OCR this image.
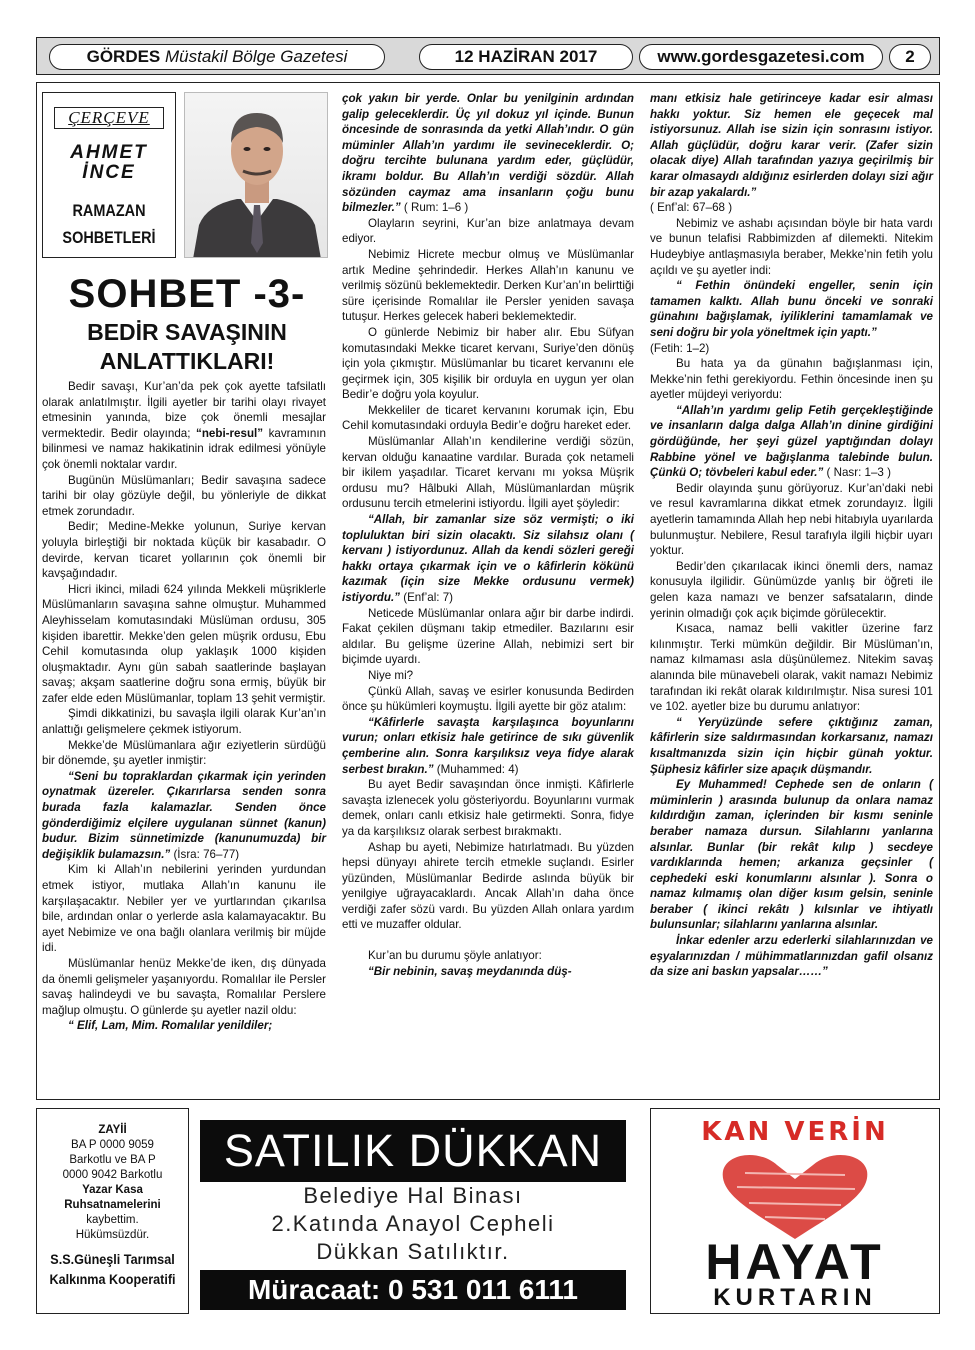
GÖRDES
Müstakil Bölge Gazetesi	12 HAZİRAN 2017	www.gordesgazetesi.com 2
ÇERÇEVE
AHMET
İNCE
RAMAZAN
SOHBETLERİ
SOHBET -3-
BEDİR SAVAŞININ ANLATTIKLARI!

Bedir savaşı, Kur’an’da pek çok ayette tafsilatlı olarak anlatılmıştır. İlgili ayetler bir tarihi olayı rivayet etmesinin yanında, bize çok önemli mesajlar vermektedir. Bedir olayında; “nebi-resul” kavramının bilinmesi ve namaz hakikatinin idrak edilmesi yönüyle çok önemli noktalar vardır.

Bugünün Müslümanları; Bedir savaşına sadece tarihi bir olay gözüyle değil, bu yönleriyle de dikkat etmek zorundadır.

Bedir; Medine-Mekke yolunun, Suriye kervan yoluyla birleştiği bir noktada küçük bir kasabadır. O devirde, kervan ticaret yollarının çok önemli bir kavşağındadır.

Hicri ikinci, miladi 624 yılında Mekkeli müşriklerle Müslümanların savaşına sahne olmuştur. Muhammed Aleyhisselam komutasındaki Müslüman ordusu, 305 kişiden ibarettir. Mekke’den gelen müşrik ordusu, Ebu Cehil komutasında olup yaklaşık 1000 kişiden oluşmaktadır. Aynı gün sabah saatlerinde başlayan savaş; akşam saatlerine doğru sona ermiş, büyük bir zafer elde eden Müslümanlar, toplam 13 şehit vermiştir.

Şimdi dikkatinizi, bu savaşla ilgili olarak Kur’an’ın anlattığı gelişmelere çekmek istiyorum.

Mekke’de Müslümanlara ağır eziyetlerin sürdüğü bir dönemde, şu ayetler inmiştir:

“Seni bu topraklardan çıkarmak için yerinden oynatmak üzereler. Çıkarırlarsa senden sonra burada fazla kalamazlar. Senden önce gönderdiğimiz elçilere uygulanan sünnet (kanun) budur. Bizim sünnetimizde (kanunumuzda) bir değişiklik bulamazsın.” (İsra: 76–77)

Kim ki Allah’ın nebilerini yerinden yurdundan etmek istiyor, mutlaka Allah’ın kanunu ile karşılaşacaktır. Nebiler yer ve yurtlarından çıkarılsa bile, ardından onlar o yerlerde asla kalamayacaktır. Bu ayet Nebimize ve ona bağlı olanlara verilmiş bir müjde idi.

Müslümanlar henüz Mekke’de iken, dış dünyada da önemli gelişmeler yaşanıyordu. Romalılar ile Persler savaş halindeydi ve bu savaşta, Romalılar Perslere mağlup olmuştu. O günlerde şu ayetler nazil oldu:

“ Elif, Lam, Mim. Romalılar yenildiler;

çok yakın bir yerde. Onlar bu yenilginin ardından galip geleceklerdir. Üç yıl dokuz yıl içinde. Bunun öncesinde de sonrasında da yetki Allah’ındır. O gün müminler Allah’ın yardımı ile sevineceklerdir. O; doğru tercihte bulunana yardım eder, güçlüdür, ikramı boldur. Bu Allah’ın verdiği sözdür. Allah sözünden caymaz ama insanların çoğu bunu bilmezler.” ( Rum: 1–6 )

Olayların seyrini, Kur’an bize anlatmaya devam ediyor.

Nebimiz Hicrete mecbur olmuş ve Müslümanlar artık Medine şehrindedir. Herkes Allah’ın kanunu ve verilmiş sözünü beklemektedir. Derken Kur’an’ın belirttiği süre içerisinde Romalılar ile Persler yeniden savaşa tutuşur. Herkes gelecek haberi beklemektedir.

O günlerde Nebimiz bir haber alır. Ebu Süfyan komutasındaki Mekke ticaret kervanı, Suriye’den dönüş için yola çıkmıştır. Müslümanlar bu ticaret kervanını ele geçirmek için, 305 kişilik bir orduyla en uygun yer olan Bedir’e doğru yola koyulur.

Mekkeliler de ticaret kervanını korumak için, Ebu Cehil komutasındaki orduyla Bedir’e doğru hareket eder.

Müslümanlar Allah’ın kendilerine verdiği sözün, kervan olduğu kanaatine vardılar. Burada çok netameli bir ikilem yaşadılar. Ticaret kervanı mı yoksa Müşrik ordusu mu? Hâlbuki Allah, Müslümanlardan müşrik ordusunu tercih etmelerini istiyordu. İlgili ayet şöyledir:

“Allah, bir zamanlar size söz vermişti; o iki topluluktan biri sizin olacaktı. Siz silahsız olanı ( kervanı ) istiyordunuz. Allah da kendi sözleri gereği hakkı ortaya çıkarmak için ve o kâfirlerin kökünü kazımak (için size Mekke ordusunu vermek) istiyordu.” (Enf’al: 7)

Neticede Müslümanlar onlara ağır bir darbe indirdi. Fakat çekilen düşmanı takip etmediler. Bazılarını esir aldılar. Bu gelişme üzerine Allah, nebimizi sert bir biçimde uyardı.

Niye mi?

Çünkü Allah, savaş ve esirler konusunda Bedirden önce şu hükümleri koymuştu. İlgili ayette bir göz atalım:

“Kâfirlerle savaşta karşılaşınca boyunlarını vurun; onları etkisiz hale getirince de sıkı güvenlik çemberine alın. Sonra karşılıksız veya fidye alarak serbest bırakın.” (Muhammed: 4)

Bu ayet Bedir savaşından önce inmişti. Kâfirlerle savaşta izlenecek yolu gösteriyordu. Boyunlarını vurmak demek, onları canlı etkisiz hale getirmekti. Sonra, fidye ya da karşılıksız olarak serbest bırakmaktı.

Ashap bu ayeti, Nebimize hatırlatmadı. Bu yüzden hepsi dünyayı ahirete tercih etmekle suçlandı. Esirler yüzünden, Müslümanlar Bedirde aslında büyük bir yenilgiye uğrayacaklardı. Ancak Allah’ın daha önce verdiği zafer sözü vardı. Bu yüzden Allah onlara yardım etti ve muzaffer oldular.

Kur’an bu durumu şöyle anlatıyor:

“Bir nebinin, savaş meydanında düş-

manı etkisiz hale getirinceye kadar esir alması hakkı yoktur. Siz hemen ele geçecek mal istiyorsunuz. Allah ise sizin için sonrasını istiyor. Allah güçlüdür, doğru karar verir. (Zafer sizin olacak diye) Allah tarafından yazıya geçirilmiş bir karar olmasaydı aldığınız esirlerden dolayı sizi ağır bir azap yakalardı.”

( Enf’al: 67–68 )

Nebimiz ve ashabı açısından böyle bir hata vardı ve bunun telafisi Rabbimizden af dilemekti. Nitekim Hudeybiye antlaşmasıyla beraber, Mekke’nin fetih yolu açıldı ve şu ayetler indi:

“ Fethin önündeki engeller, senin için tamamen kalktı. Allah bunu önceki ve sonraki günahını bağışlamak, iyiliklerini tamamlamak ve seni doğru bir yola yöneltmek için yaptı.”

(Fetih: 1–2)

Bu hata ya da günahın bağışlanması için, Mekke’nin fethi gerekiyordu. Fethin öncesinde inen şu ayetler müjdeyi veriyordu:

“Allah’ın yardımı gelip Fetih gerçekleştiğinde ve insanların dalga dalga Allah’ın dinine girdiğini gördüğünde, her şeyi güzel yaptığından dolayı Rabbine yönel ve bağışlanma talebinde bulun. Çünkü O; tövbeleri kabul eder.” ( Nasr: 1–3 )

Bedir olayında şunu görüyoruz. Kur’an’daki nebi ve resul kavramlarına dikkat etmek zorundayız. İlgili ayetlerin tamamında Allah hep nebi hitabıyla uyarılarda bulunmuştur. Nebilere, Resul tarafıyla ilgili hiçbir uyarı yoktur.

Bedir’den çıkarılacak ikinci önemli ders, namaz konusuyla ilgilidir. Günümüzde yanlış bir öğreti ile gelen kaza namazı ve benzer safsataların, dinde yerinin olmadığı çok açık biçimde görülecektir.

Kısaca, namaz belli vakitler üzerine farz kılınmıştır. Terki mümkün değildir. Bir Müslüman’ın, namaz kılmaması asla düşünülemez. Nitekim savaş alanında bile münavebeli olarak, vakit namazı Nebimiz tarafından iki rekât olarak kıldırılmıştır. Nisa suresi 101 ve 102. ayetler bize bu durumu anlatıyor:

“ Yeryüzünde sefere çıktığınız zaman, kâfirlerin size saldırmasından korkarsanız, namazı kısaltmanızda sizin için hiçbir günah yoktur. Şüphesiz kâfirler size apaçık düşmandır.

Ey Muhammed! Cephede sen de onların ( müminlerin ) arasında bulunup da onlara namaz kıldırdığın zaman, içlerinden bir kısmı seninle beraber namaza dursun. Silahlarını yanlarına alsınlar. Bunlar (bir rekât kılıp ) secdeye vardıklarında hemen; arkanıza geçsinler ( cephedeki eski konumlarını alsınlar ). Sonra o namaz kılmamış olan diğer kısım gelsin, seninle beraber ( ikinci rekâtı ) kılsınlar ve ihtiyatlı bulunsunlar; silahlarını yanlarına alsınlar.

İnkar edenler arzu ederlerki silahlarınızdan ve eşyalarınızdan / mühimmatlarınızdan gafil olsanız da size ani baskın yapsalar……”

ZAYİİ
BA P 0000 9059
Barkotlu ve BA P
0000 9042 Barkotlu
Yazar Kasa Ruhsatnamelerini
kaybettim.
Hükümsüzdür.
S.S.Güneşli Tarımsal Kalkınma Kooperatifi
SATILIK DÜKKAN
Belediye Hal Binası
2.Katında Anayol Cepheli
Dükkan Satılıktır.
Müracaat: 0 531 011 6111
KAN VERİN
HAYAT
KURTARIN
